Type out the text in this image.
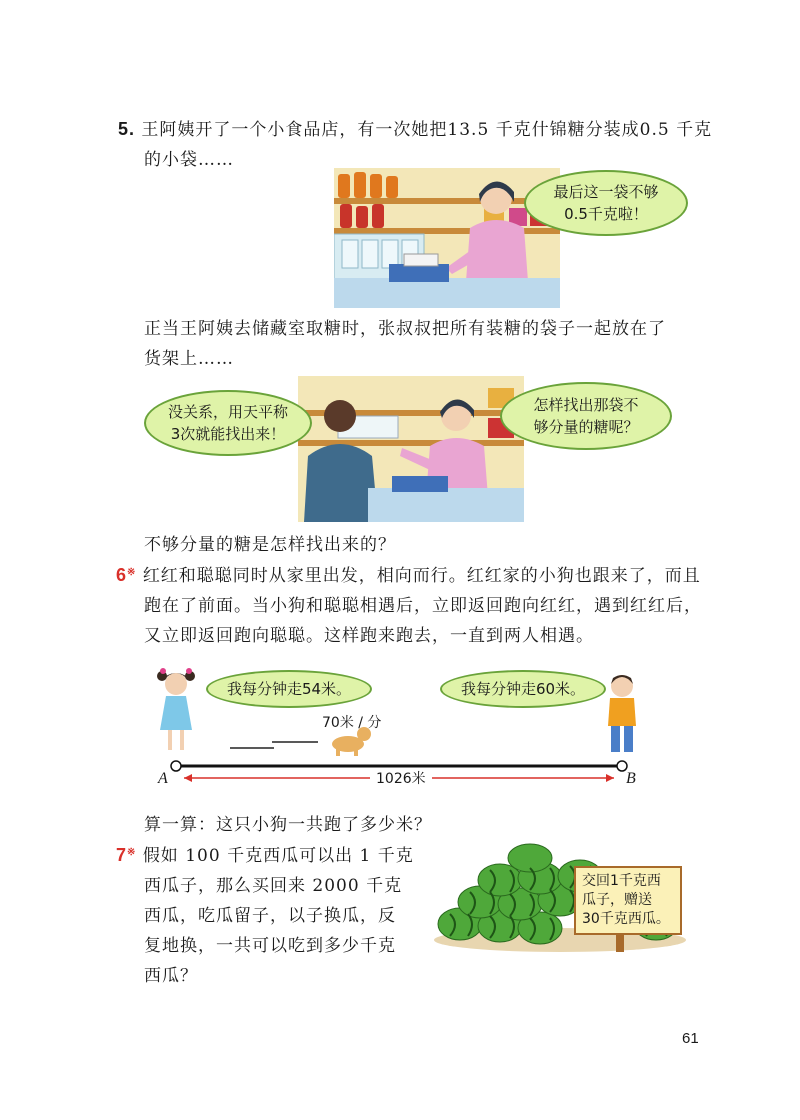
5. 王阿姨开了一个小食品店，有一次她把13.5 千克什锦糖分装成0.5 千克
的小袋……
最后这一袋不够
0.5千克啦！
正当王阿姨去储藏室取糖时，张叔叔把所有装糖的袋子一起放在了
货架上……
没关系，用天平称
3次就能找出来！
怎样找出那袋不
够分量的糖呢？
不够分量的糖是怎样找出来的？
6※ 红红和聪聪同时从家里出发，相向而行。红红家的小狗也跟来了，而且
跑在了前面。当小狗和聪聪相遇后，立即返回跑向红红，遇到红红后，
又立即返回跑向聪聪。这样跑来跑去，一直到两人相遇。
我每分钟走54米。	我每分钟走60米。
70米 / 分
A	B
1026米
算一算：这只小狗一共跑了多少米？
7※ 假如 100 千克西瓜可以出 1 千克
西瓜子，那么买回来 2000 千克
西瓜，吃瓜留子，以子换瓜，反
复地换，一共可以吃到多少千克
西瓜？
交回1千克西
瓜子，赠送
30千克西瓜。
61
